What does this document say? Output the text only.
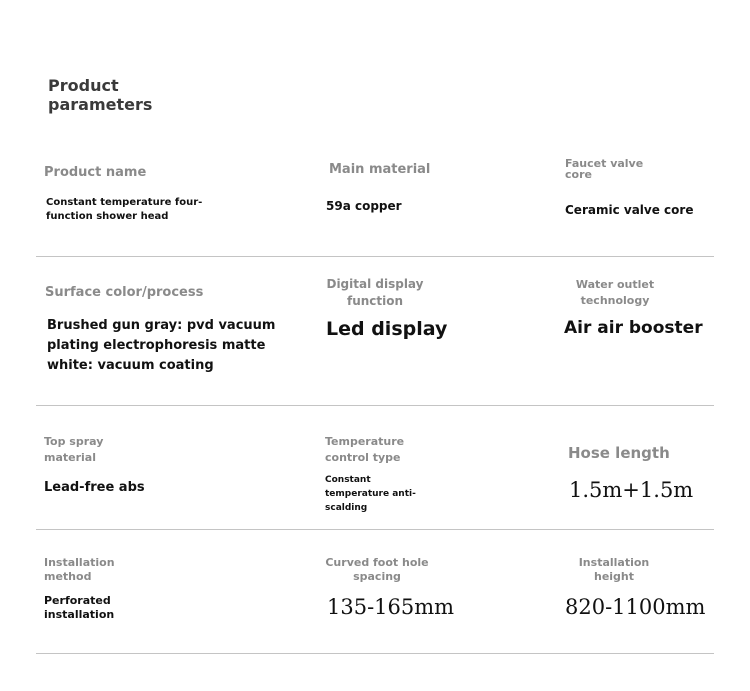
Product parameters
Product name
Constant temperature four-function shower head
Main material
59a copper
Faucet valve core
Ceramic valve core
Surface color/process
Brushed gun gray: pvd vacuum plating electrophoresis matte white: vacuum coating
Digital display function
Led display
Water outlet technology
Air air booster
Top spray material
Lead-free abs
Temperature control type
Constant temperature anti-scalding
Hose length
1.5m+1.5m
Installation method
Perforated installation
Curved foot hole spacing
135-165mm
Installation height
820-1100mm
